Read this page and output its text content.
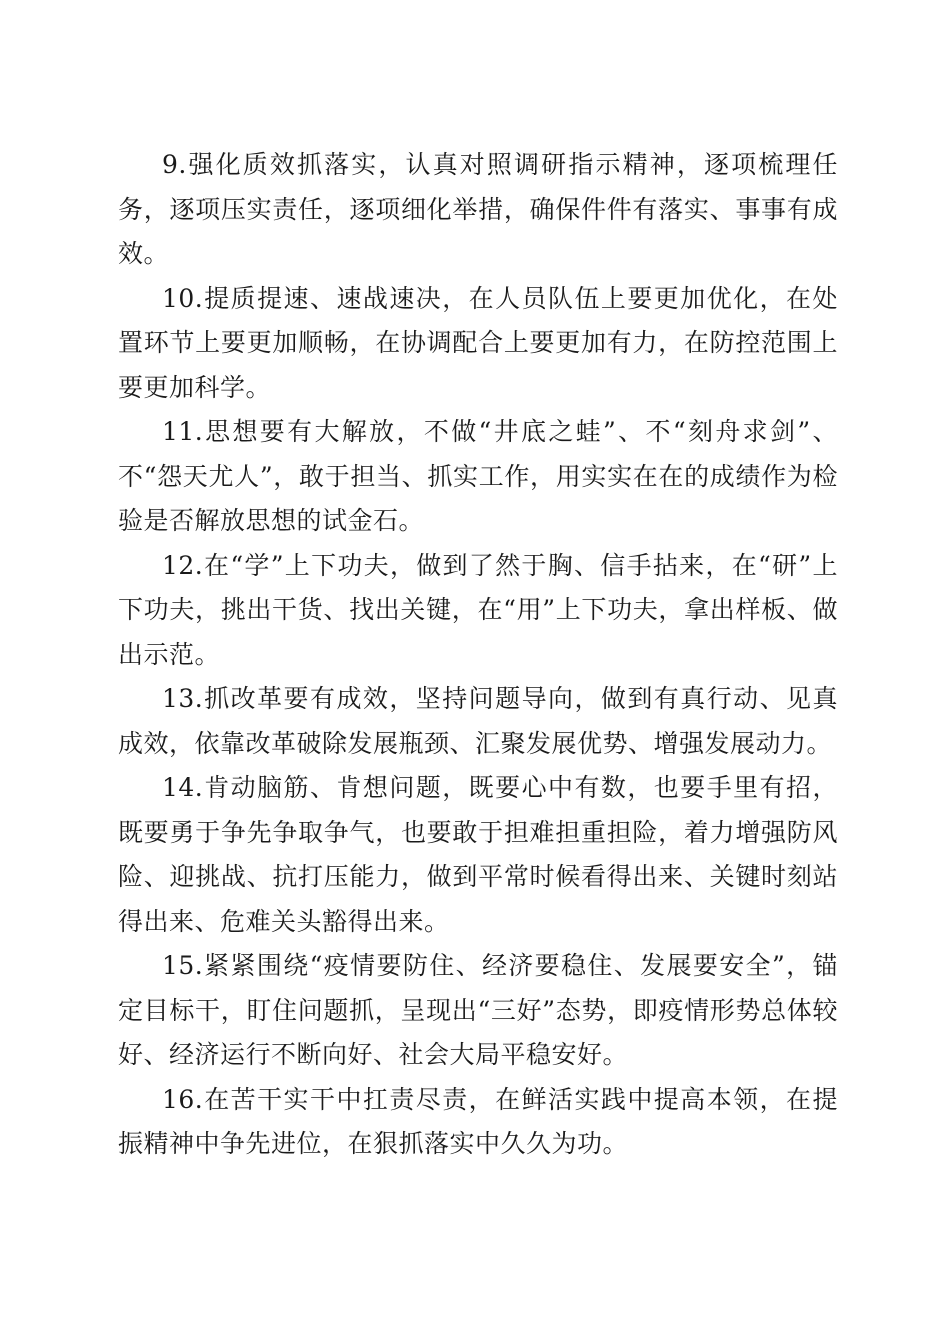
9.强化质效抓落实，认真对照调研指示精神，逐项梳理任务，逐项压实责任，逐项细化举措，确保件件有落实、事事有成效。

10.提质提速、速战速决，在人员队伍上要更加优化，在处置环节上要更加顺畅，在协调配合上要更加有力，在防控范围上要更加科学。

11.思想要有大解放，不做“井底之蛙”、不“刻舟求剑”、不“怨天尤人”，敢于担当、抓实工作，用实实在在的成绩作为检验是否解放思想的试金石。

12.在“学”上下功夫，做到了然于胸、信手拈来，在“研”上下功夫，挑出干货、找出关键，在“用”上下功夫，拿出样板、做出示范。

13.抓改革要有成效，坚持问题导向，做到有真行动、见真成效，依靠改革破除发展瓶颈、汇聚发展优势、增强发展动力。

14.肯动脑筋、肯想问题，既要心中有数，也要手里有招，既要勇于争先争取争气，也要敢于担难担重担险，着力增强防风险、迎挑战、抗打压能力，做到平常时候看得出来、关键时刻站得出来、危难关头豁得出来。

15.紧紧围绕“疫情要防住、经济要稳住、发展要安全”，锚定目标干，盯住问题抓，呈现出“三好”态势，即疫情形势总体较好、经济运行不断向好、社会大局平稳安好。

16.在苦干实干中扛责尽责，在鲜活实践中提高本领，在提振精神中争先进位，在狠抓落实中久久为功。
